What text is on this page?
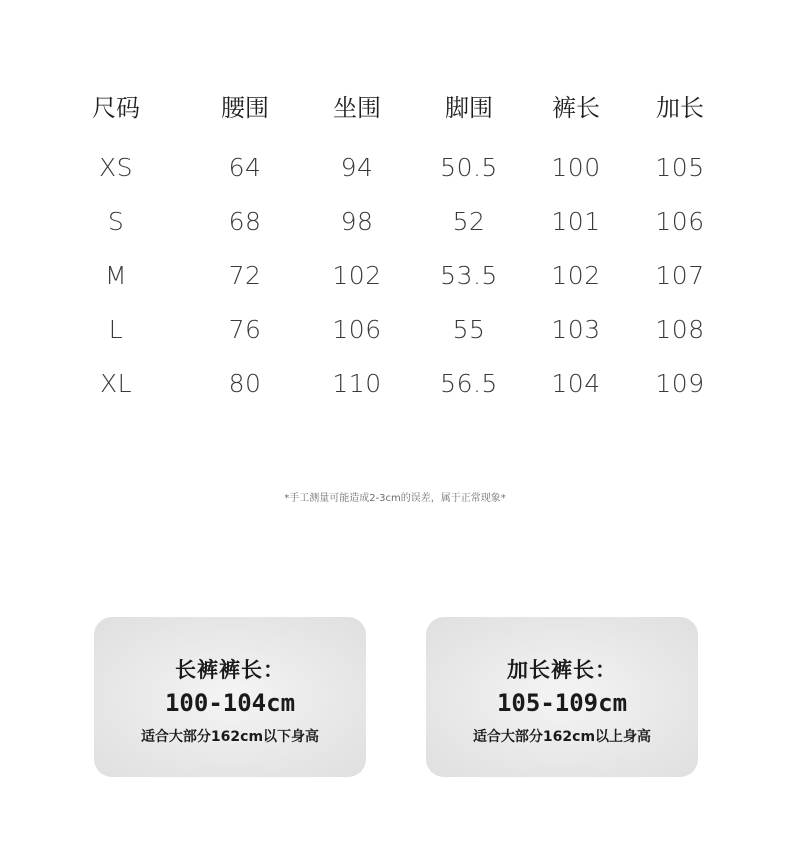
尺码	腰围	坐围	脚围 裤长 加长
XS	64	94	50.5 100 105
S	68	98	52	101 106
M	72	102 53.5 102 107
L	76	106	55	103 108
XL	80	110 56.5 104 109
*手工测量可能造成2-3cm的误差，属于正常现象*
长裤裤长：
100-104cm
适合大部分162cm以下身高
加长裤长：
105-109cm
适合大部分162cm以上身高
